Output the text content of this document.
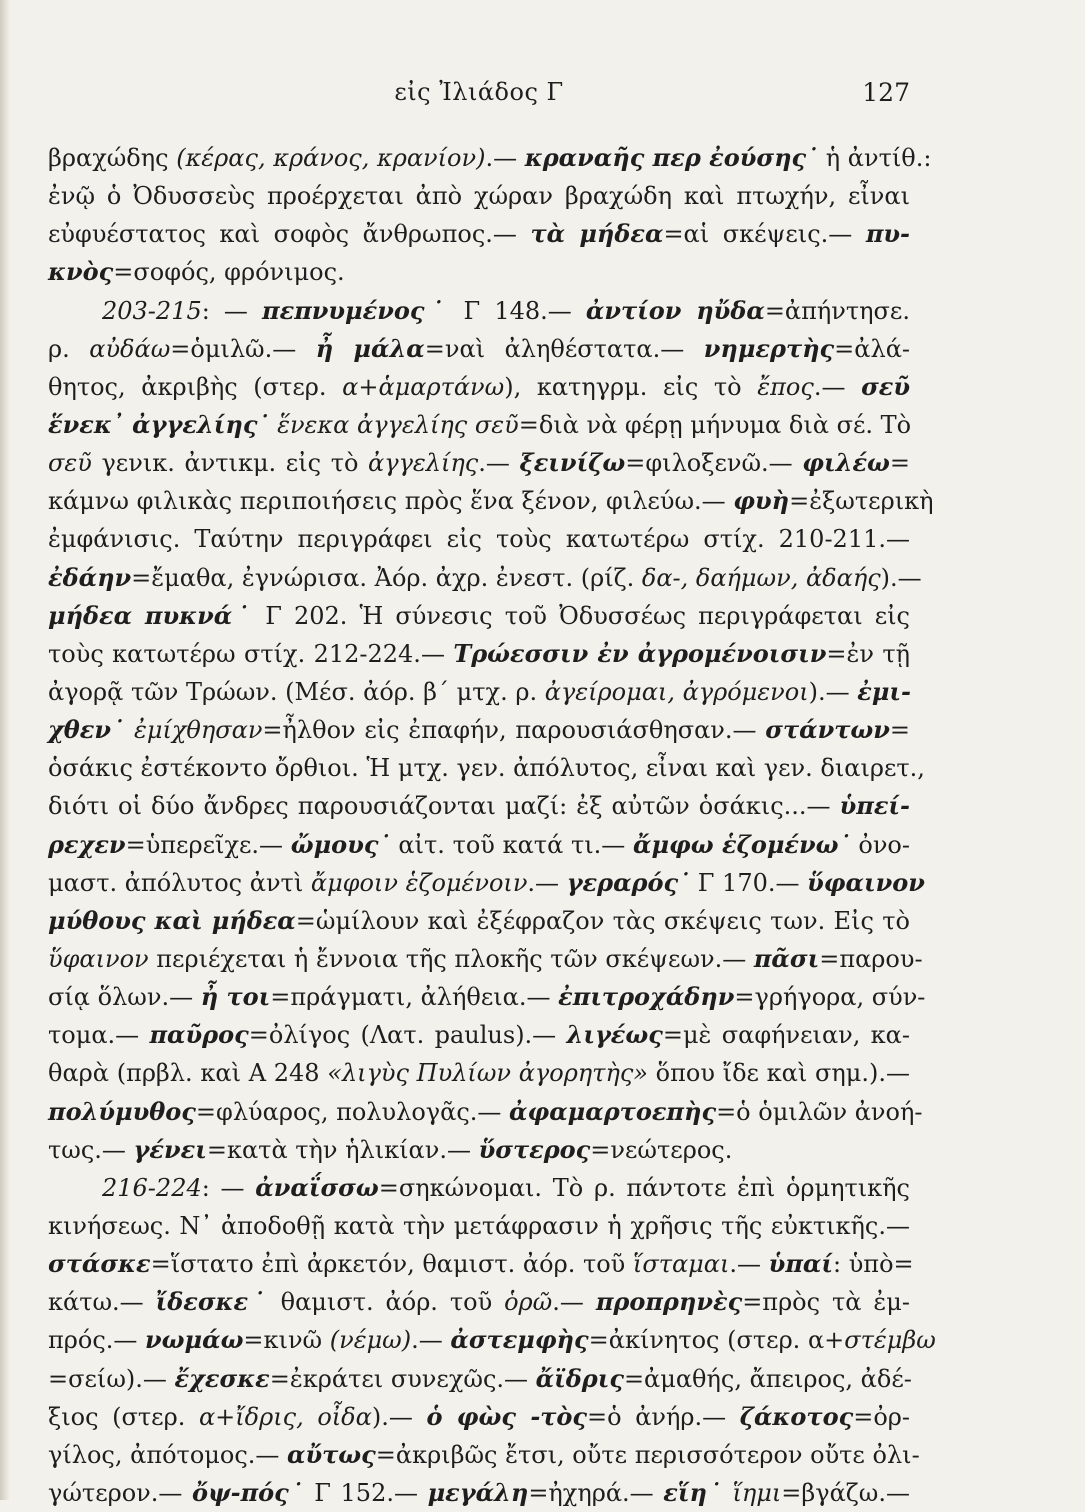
εἰς Ἰλιάδος Γ	127
βραχώδης (κέρας, κράνος, κρανίον).— κραναῆς περ ἐούσης˙ ἡ ἀντίθ.:
ἐνῷ ὁ Ὀδυσσεὺς προέρχεται ἀπὸ χώραν βραχώδη καὶ πτωχήν, εἶναι
εὐφυέστατος καὶ σοφὸς ἄνθρωπος.— τὰ μήδεα=αἱ σκέψεις.— πυ-
κνὸς=σοφός, φρόνιμος.
203-215: — πεπνυμένος˙ Γ 148.— ἀντίον ηὔδα=ἀπήντησε.
ρ. αὐδάω=ὁμιλῶ.— ἦ μάλα=ναὶ ἀληθέστατα.— νημερτὴς=ἀλά-
θητος, ἀκριβὴς (στερ. α+ἁμαρτάνω), κατηγρμ. εἰς τὸ ἔπος.— σεῦ
ἕνεκ᾽ ἀγγελίης˙ ἕνεκα ἀγγελίης σεῦ=διὰ νὰ φέρῃ μήνυμα διὰ σέ. Τὸ
σεῦ γενικ. ἀντικμ. εἰς τὸ ἀγγελίης.— ξεινίζω=φιλοξενῶ.— φιλέω=
κάμνω φιλικὰς περιποιήσεις πρὸς ἕνα ξένον, φιλεύω.— φυὴ=ἐξωτερικὴ
ἐμφάνισις. Ταύτην περιγράφει εἰς τοὺς κατωτέρω στίχ. 210-211.—
ἐδάην=ἔμαθα, ἐγνώρισα. Ἀόρ. ἀχρ. ἐνεστ. (ρίζ. δα-, δαήμων, ἀδαής).—
μήδεα πυκνά˙ Γ 202. Ἡ σύνεσις τοῦ Ὀδυσσέως περιγράφεται εἰς
τοὺς κατωτέρω στίχ. 212-224.— Τρώεσσιν ἐν ἀγρομένοισιν=ἐν τῇ
ἀγορᾷ τῶν Τρώων. (Μέσ. ἀόρ. β΄ μτχ. ρ. ἀγείρομαι, ἀγρόμενοι).— ἐμι-
χθεν˙ ἐμίχθησαν=ἦλθον εἰς ἐπαφήν, παρουσιάσθησαν.— στάντων=
ὁσάκις ἐστέκοντο ὄρθιοι. Ἡ μτχ. γεν. ἀπόλυτος, εἶναι καὶ γεν. διαιρετ.,
διότι οἱ δύο ἄνδρες παρουσιάζονται μαζί: ἐξ αὐτῶν ὁσάκις...— ὑπεί-
ρεχεν=ὑπερεῖχε.— ὤμους˙ αἰτ. τοῦ κατά τι.— ἄμφω ἑζομένω˙ ὀνο-
μαστ. ἀπόλυτος ἀντὶ ἄμφοιν ἑζομένοιν.— γεραρός˙ Γ 170.— ὕφαινον
μύθους καὶ μήδεα=ὡμίλουν καὶ ἐξέφραζον τὰς σκέψεις των. Εἰς τὸ
ὕφαινον περιέχεται ἡ ἔννοια τῆς πλοκῆς τῶν σκέψεων.— πᾶσι=παρου-
σίᾳ ὅλων.— ἦ τοι=πράγματι, ἀλήθεια.— ἐπιτροχάδην=γρήγορα, σύν-
τομα.— παῦρος=ὀλίγος (Λατ. paulus).— λιγέως=μὲ σαφήνειαν, κα-
θαρὰ (πρβλ. καὶ Α 248 «λιγὺς Πυλίων ἀγορητὴς» ὅπου ἴδε καὶ σημ.).—
πολύμυθος=φλύαρος, πολυλογᾶς.— ἀφαμαρτοεπὴς=ὁ ὁμιλῶν ἀνοή-
τως.— γένει=κατὰ τὴν ἡλικίαν.— ὕστερος=νεώτερος.
216-224: — ἀναΐσσω=σηκώνομαι. Τὸ ρ. πάντοτε ἐπὶ ὁρμητικῆς
κινήσεως. Ν᾽ ἀποδοθῇ κατὰ τὴν μετάφρασιν ἡ χρῆσις τῆς εὐκτικῆς.—
στάσκε=ἵστατο ἐπὶ ἀρκετόν, θαμιστ. ἀόρ. τοῦ ἵσταμαι.— ὑπαί: ὑπὸ=
κάτω.— ἴδεσκε˙ θαμιστ. ἀόρ. τοῦ ὁρῶ.— προπρηνὲς=πρὸς τὰ ἐμ-
πρός.— νωμάω=κινῶ (νέμω).— ἀστεμφὴς=ἀκίνητος (στερ. α+στέμβω
=σείω).— ἔχεσκε=ἐκράτει συνεχῶς.— ἄϊδρις=ἀμαθής, ἄπειρος, ἀδέ-
ξιος (στερ. α+ἴδρις, οἶδα).— ὁ φὼς -τὸς=ὁ ἀνήρ.— ζάκοτος=ὀρ-
γίλος, ἀπότομος.— αὔτως=ἀκριβῶς ἔτσι, οὔτε περισσότερον οὔτε ὀλι-
γώτερον.— ὄψ-πός˙ Γ 152.— μεγάλη=ἠχηρά.— εἵη˙ ἵημι=βγάζω.—
